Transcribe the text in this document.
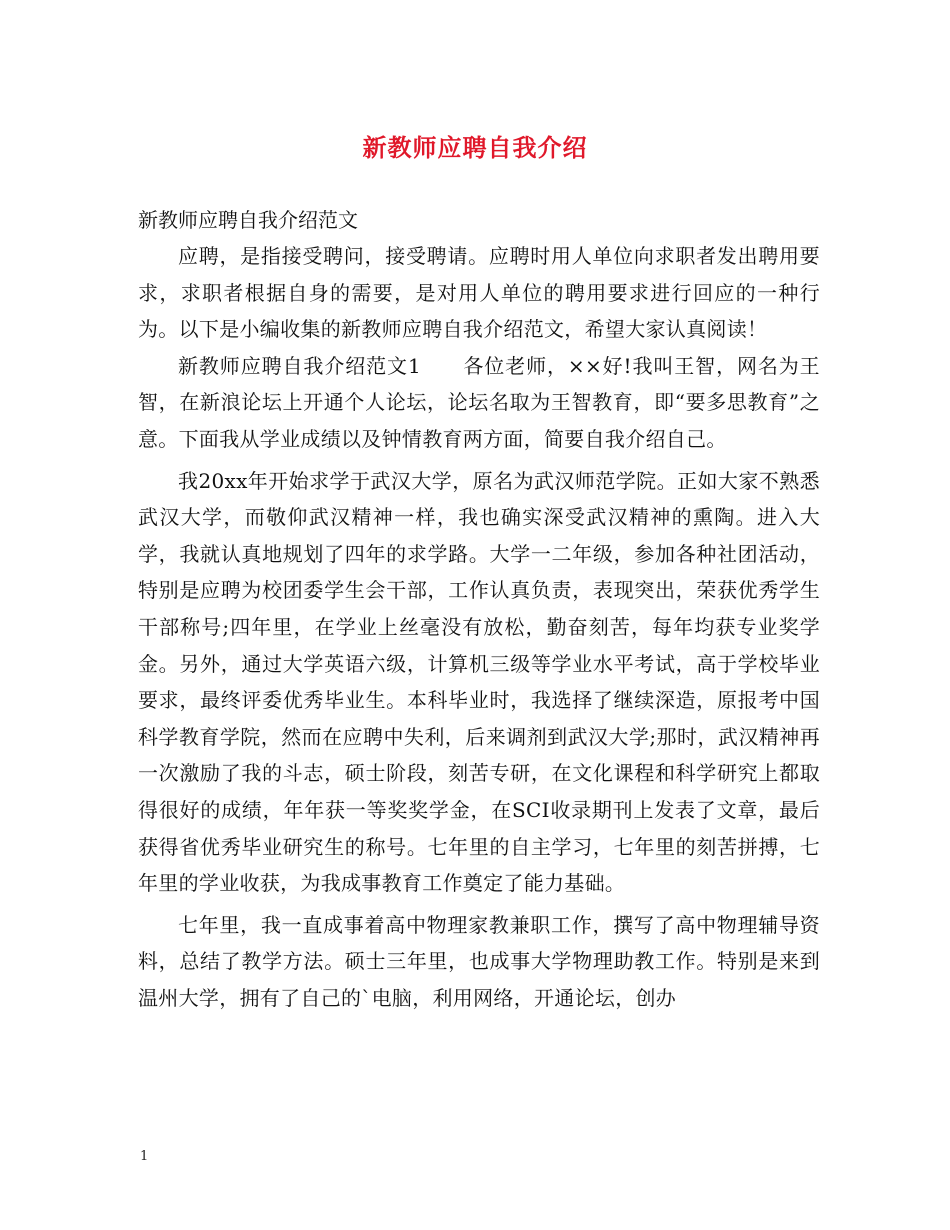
新教师应聘自我介绍

新教师应聘自我介绍范文

应聘，是指接受聘问，接受聘请。应聘时用人单位向求职者发出聘用要求，求职者根据自身的需要，是对用人单位的聘用要求进行回应的一种行为。以下是小编收集的新教师应聘自我介绍范文，希望大家认真阅读！

新教师应聘自我介绍范文1　　各位老师，××好!我叫王智，网名为王智，在新浪论坛上开通个人论坛，论坛名取为王智教育，即“要多思教育”之意。下面我从学业成绩以及钟情教育两方面，简要自我介绍自己。

我20xx年开始求学于武汉大学，原名为武汉师范学院。正如大家不熟悉武汉大学，而敬仰武汉精神一样，我也确实深受武汉精神的熏陶。进入大学，我就认真地规划了四年的求学路。大学一二年级，参加各种社团活动，特别是应聘为校团委学生会干部，工作认真负责，表现突出，荣获优秀学生干部称号;四年里，在学业上丝毫没有放松，勤奋刻苦，每年均获专业奖学金。另外，通过大学英语六级，计算机三级等学业水平考试，高于学校毕业要求，最终评委优秀毕业生。本科毕业时，我选择了继续深造，原报考中国科学教育学院，然而在应聘中失利，后来调剂到武汉大学;那时，武汉精神再一次激励了我的斗志，硕士阶段，刻苦专研，在文化课程和科学研究上都取得很好的成绩，年年获一等奖奖学金，在SCI收录期刊上发表了文章，最后获得省优秀毕业研究生的称号。七年里的自主学习，七年里的刻苦拼搏，七年里的学业收获，为我成事教育工作奠定了能力基础。

七年里，我一直成事着高中物理家教兼职工作，撰写了高中物理辅导资料，总结了教学方法。硕士三年里，也成事大学物理助教工作。特别是来到温州大学，拥有了自己的`电脑，利用网络，开通论坛，创办

1
